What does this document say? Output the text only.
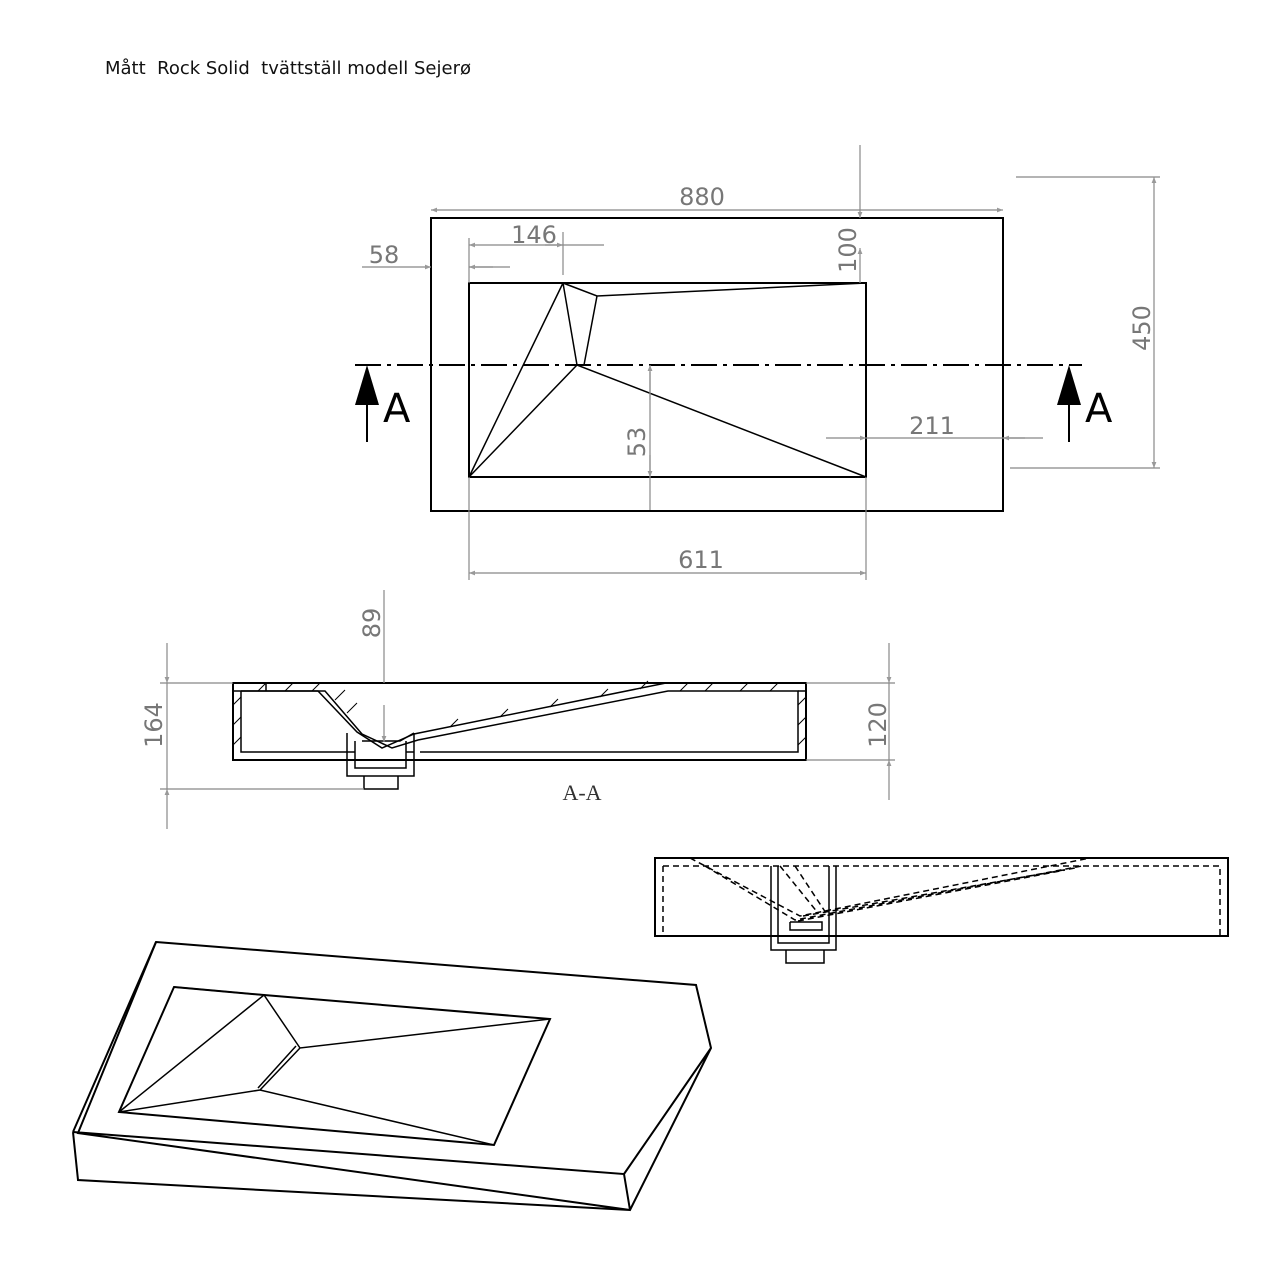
Mått  Rock Solid  tvättställ modell Sejerø
A	A
880
450
58
146	100
53
211
611
89
164	120
A-A
